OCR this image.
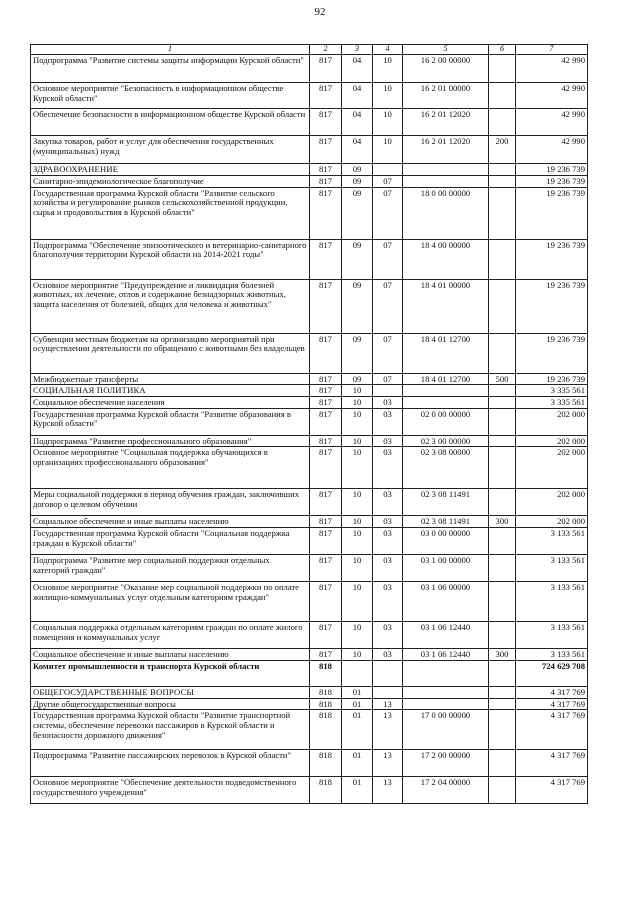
92
1	2	3	4	5	6	7
Подпрограмма "Развитие системы защиты информации Курской области"	817	04	10	16 2 00 00000		42 990
Основное мероприятие "Безопасность в информационном обществе Курской области"	817	04	10	16 2 01 00000		42 990
Обеспечение безопасности в информационном обществе Курской области	817	04	10	16 2 01 12020		42 990
Закупка товаров, работ и услуг для обеспечения государственных (муниципальных) нужд	817	04	10	16 2 01 12020	200	42 990
ЗДРАВООХРАНЕНИЕ	817	09				19 236 739
Санитарно-эпидемиологическое благополучие	817	09	07			19 236 739
Государственная программа Курской области "Развитие сельского хозяйства и регулирование рынков сельскохозяйственной продукции, сырья и продовольствия в Курской области"	817	09	07	18 0 00 00000		19 236 739
Подпрограмма "Обеспечение эпизоотического и ветеринарно-санитарного благополучия территории Курской области на 2014-2021 годы"	817	09	07	18 4 00 00000		19 236 739
Основное мероприятие "Предупреждение и ликвидация болезней животных, их лечение, отлов и содержание безнадзорных животных, защита населения от болезней, общих для человека и животных"	817	09	07	18 4 01 00000		19 236 739
Субвенции местным бюджетам на организацию мероприятий при осуществлении деятельности по обращению с животными без владельцев	817	09	07	18 4 01 12700		19 236 739
Межбюджетные трансферты	817	09	07	18 4 01 12700	500	19 236 739
СОЦИАЛЬНАЯ ПОЛИТИКА	817	10				3 335 561
Социальное обеспечение населения	817	10	03			3 335 561
Государственная программа Курской области "Развитие образования в Курской области"	817	10	03	02 0 00 00000		202 000
Подпрограмма "Развитие профессионального образования"	817	10	03	02 3 00 00000		202 000
Основное мероприятие "Социальная поддержка обучающихся в организациях профессионального образования"	817	10	03	02 3 08 00000		202 000
Меры социальной поддержки в период обучения граждан, заключивших договор о целевом обучении	817	10	03	02 3 08 11491		202 000
Социальное обеспечение и иные выплаты населению	817	10	03	02 3 08 11491	300	202 000
Государственная программа Курской области "Социальная поддержка граждан в Курской области"	817	10	03	03 0 00 00000		3 133 561
Подпрограмма "Развитие мер социальной поддержки отдельных категорий граждан"	817	10	03	03 1 00 00000		3 133 561
Основное мероприятие "Оказание мер социальной поддержки по оплате жилищно-коммунальных услуг отдельным категориям граждан"	817	10	03	03 1 06 00000		3 133 561
Социальная поддержка отдельным категориям граждан по оплате жилого помещения и коммунальных услуг	817	10	03	03 1 06 12440		3 133 561
Социальное обеспечение и иные выплаты населению	817	10	03	03 1 06 12440	300	3 133 561
Комитет промышленности и транспорта Курской области	818					724 629 708
ОБЩЕГОСУДАРСТВЕННЫЕ ВОПРОСЫ	818	01				4 317 769
Другие общегосударственные вопросы	818	01	13			4 317 769
Государственная программа Курской области "Развитие транспортной системы, обеспечение перевозки пассажиров в Курской области и безопасности дорожного движения"	818	01	13	17 0 00 00000		4 317 769
Подпрограмма "Развитие пассажирских перевозок в Курской области"	818	01	13	17 2 00 00000		4 317 769
Основное мероприятие "Обеспечение деятельности подведомственного государственного учреждения"	818	01	13	17 2 04 00000		4 317 769
